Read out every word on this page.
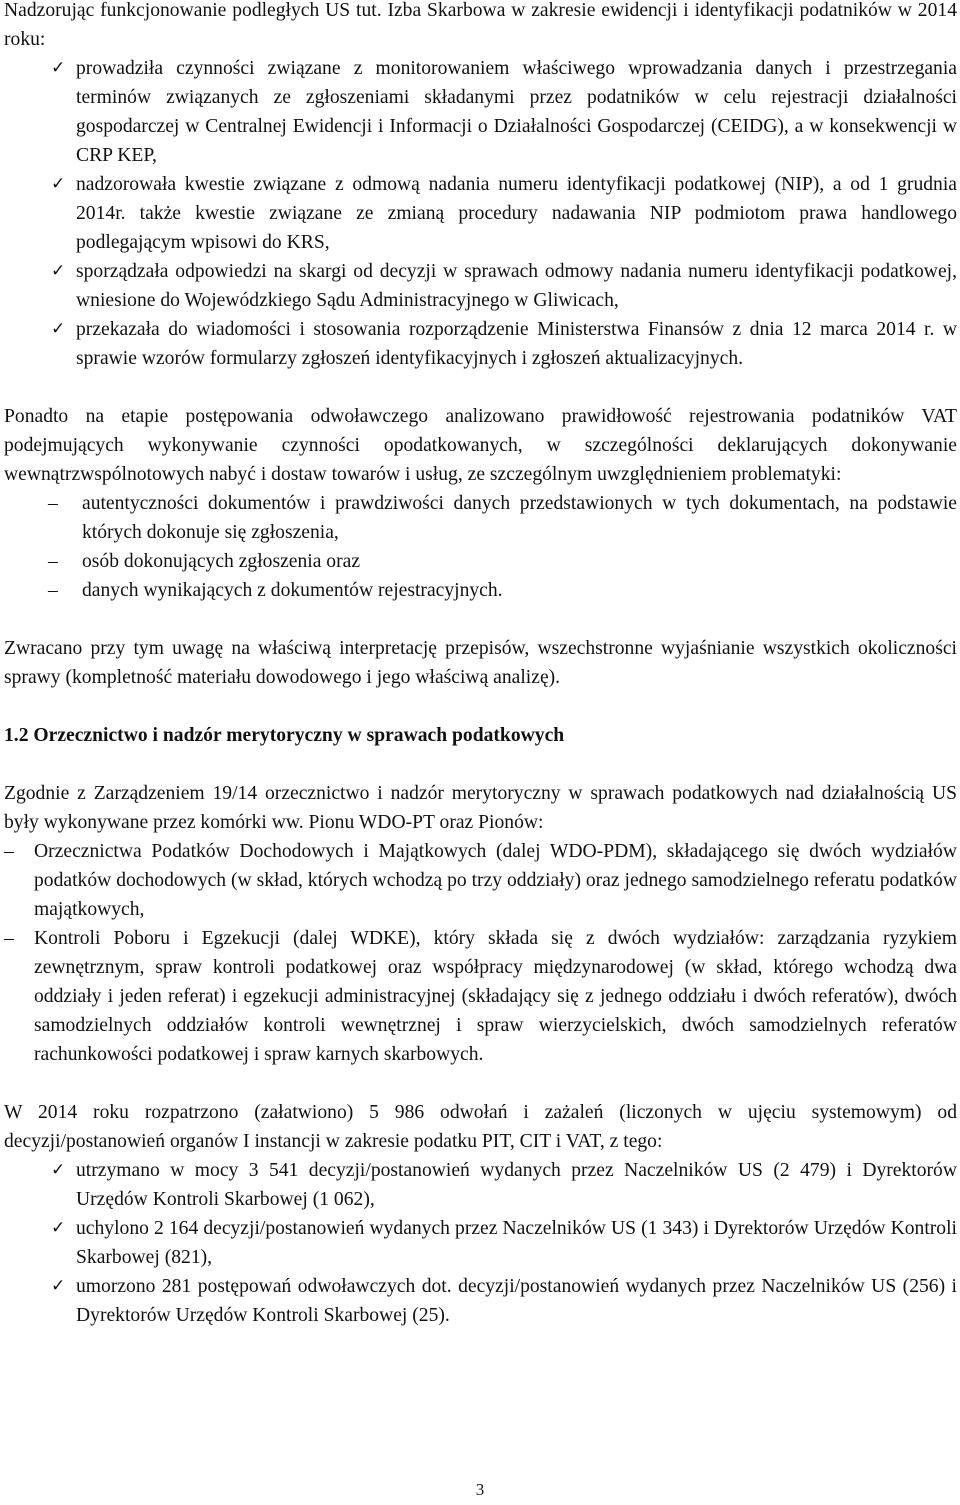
Nadzorując funkcjonowanie podległych US tut. Izba Skarbowa w zakresie ewidencji i identyfikacji podatników w 2014 roku:

✓ prowadziła czynności związane z monitorowaniem właściwego wprowadzania danych i przestrzegania terminów związanych ze zgłoszeniami składanymi przez podatników w celu rejestracji działalności gospodarczej w Centralnej Ewidencji i Informacji o Działalności Gospodarczej (CEIDG), a w konsekwencji w CRP KEP,
✓ nadzorowała kwestie związane z odmową nadania numeru identyfikacji podatkowej (NIP), a od 1 grudnia 2014r. także kwestie związane ze zmianą procedury nadawania NIP podmiotom prawa handlowego podlegającym wpisowi do KRS,
✓ sporządzała odpowiedzi na skargi od decyzji w sprawach odmowy nadania numeru identyfikacji podatkowej, wniesione do Wojewódzkiego Sądu Administracyjnego w Gliwicach,
✓ przekazała do wiadomości i stosowania rozporządzenie Ministerstwa Finansów z dnia 12 marca 2014 r. w sprawie wzorów formularzy zgłoszeń identyfikacyjnych i zgłoszeń aktualizacyjnych.

Ponadto na etapie postępowania odwoławczego analizowano prawidłowość rejestrowania podatników VAT podejmujących wykonywanie czynności opodatkowanych, w szczególności deklarujących dokonywanie wewnątrzwspólnotowych nabyć i dostaw towarów i usług, ze szczególnym uwzględnieniem problematyki:

– autentyczności dokumentów i prawdziwości danych przedstawionych w tych dokumentach, na podstawie których dokonuje się zgłoszenia,
– osób dokonujących zgłoszenia oraz
– danych wynikających z dokumentów rejestracyjnych.

Zwracano przy tym uwagę na właściwą interpretację przepisów, wszechstronne wyjaśnianie wszystkich okoliczności sprawy (kompletność materiału dowodowego i jego właściwą analizę).

1.2 Orzecznictwo i nadzór merytoryczny w sprawach podatkowych

Zgodnie z Zarządzeniem 19/14 orzecznictwo i nadzór merytoryczny w sprawach podatkowych nad działalnością US były wykonywane przez komórki ww. Pionu WDO-PT oraz Pionów:

– Orzecznictwa Podatków Dochodowych i Majątkowych (dalej WDO-PDM), składającego się dwóch wydziałów podatków dochodowych (w skład, których wchodzą po trzy oddziały) oraz jednego samodzielnego referatu podatków majątkowych,
– Kontroli Poboru i Egzekucji (dalej WDKE), który składa się z dwóch wydziałów: zarządzania ryzykiem zewnętrznym, spraw kontroli podatkowej oraz współpracy międzynarodowej (w skład, którego wchodzą dwa oddziały i jeden referat) i egzekucji administracyjnej (składający się z jednego oddziału i dwóch referatów), dwóch samodzielnych oddziałów kontroli wewnętrznej i spraw wierzycielskich, dwóch samodzielnych referatów rachunkowości podatkowej i spraw karnych skarbowych.

W 2014 roku rozpatrzono (załatwiono) 5 986 odwołań i zażaleń (liczonych w ujęciu systemowym) od decyzji/postanowień organów I instancji w zakresie podatku PIT, CIT i VAT, z tego:

✓ utrzymano w mocy 3 541 decyzji/postanowień wydanych przez Naczelników US (2 479) i Dyrektorów Urzędów Kontroli Skarbowej (1 062),
✓ uchylono 2 164 decyzji/postanowień wydanych przez Naczelników US (1 343) i Dyrektorów Urzędów Kontroli Skarbowej (821),
✓ umorzono 281 postępowań odwoławczych dot. decyzji/postanowień wydanych przez Naczelników US (256) i Dyrektorów Urzędów Kontroli Skarbowej (25).
3
